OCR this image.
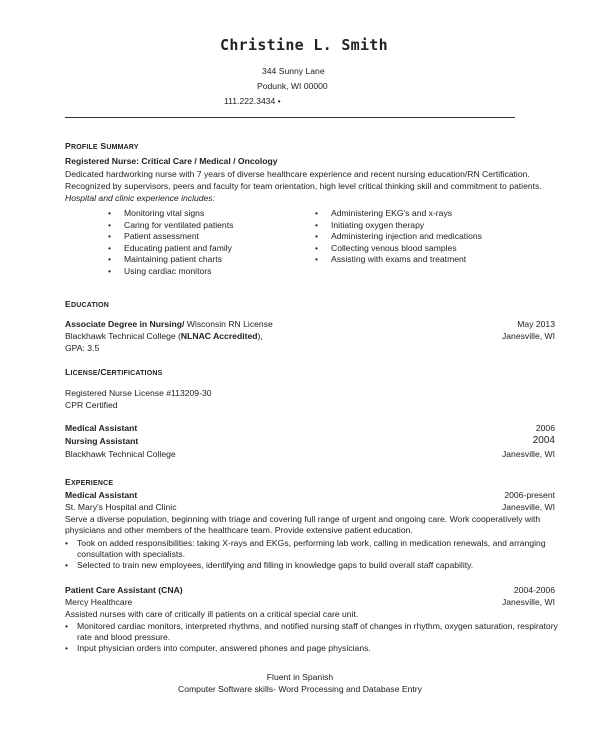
Christine L. Smith
344 Sunny Lane
Podunk, WI 00000
111.222.3434 •
PROFILE SUMMARY
Registered Nurse: Critical Care / Medical / Oncology
Dedicated hardworking nurse with 7 years of diverse healthcare experience and recent nursing education/RN Certification.
Recognized by supervisors, peers and faculty for team orientation, high level critical thinking skill and commitment to patients.
Hospital and clinic experience includes:
• Monitoring vital signs
• Caring for ventilated patients
• Patient assessment
• Educating patient and family
• Maintaining patient charts
• Using cardiac monitors
• Administering EKG's and x-rays
• Initiating oxygen therapy
• Administering injection and medications
• Collecting venous blood samples
• Assisting with exams and treatment
EDUCATION
Associate Degree in Nursing/ Wisconsin RN License	May 2013
Blackhawk Technical College (NLNAC Accredited),	Janesville, WI
GPA: 3.5
LICENSE/CERTIFICATIONS
Registered Nurse License #113209-30
CPR Certified
Medical Assistant	2006
Nursing Assistant	2004
Blackhawk Technical College	Janesville, WI
EXPERIENCE
Medical Assistant	2006-present
St. Mary's Hospital and Clinic	Janesville, WI
Serve a diverse population, beginning with triage and covering full range of urgent and ongoing care. Work cooperatively with physicians and other members of the healthcare team. Provide extensive patient education.
• Took on added responsibilities: taking X-rays and EKGs, performing lab work, calling in medication renewals, and arranging consultation with specialists.
• Selected to train new employees, identifying and filling in knowledge gaps to build overall staff capability.
Patient Care Assistant (CNA)	2004-2006
Mercy Healthcare	Janesville, WI
Assisted nurses with care of critically ill patients on a critical special care unit.
• Monitored cardiac monitors, interpreted rhythms, and notified nursing staff of changes in rhythm, oxygen saturation, respiratory rate and blood pressure.
• Input physician orders into computer, answered phones and page physicians.
Fluent in Spanish
Computer Software skills- Word Processing and Database Entry
